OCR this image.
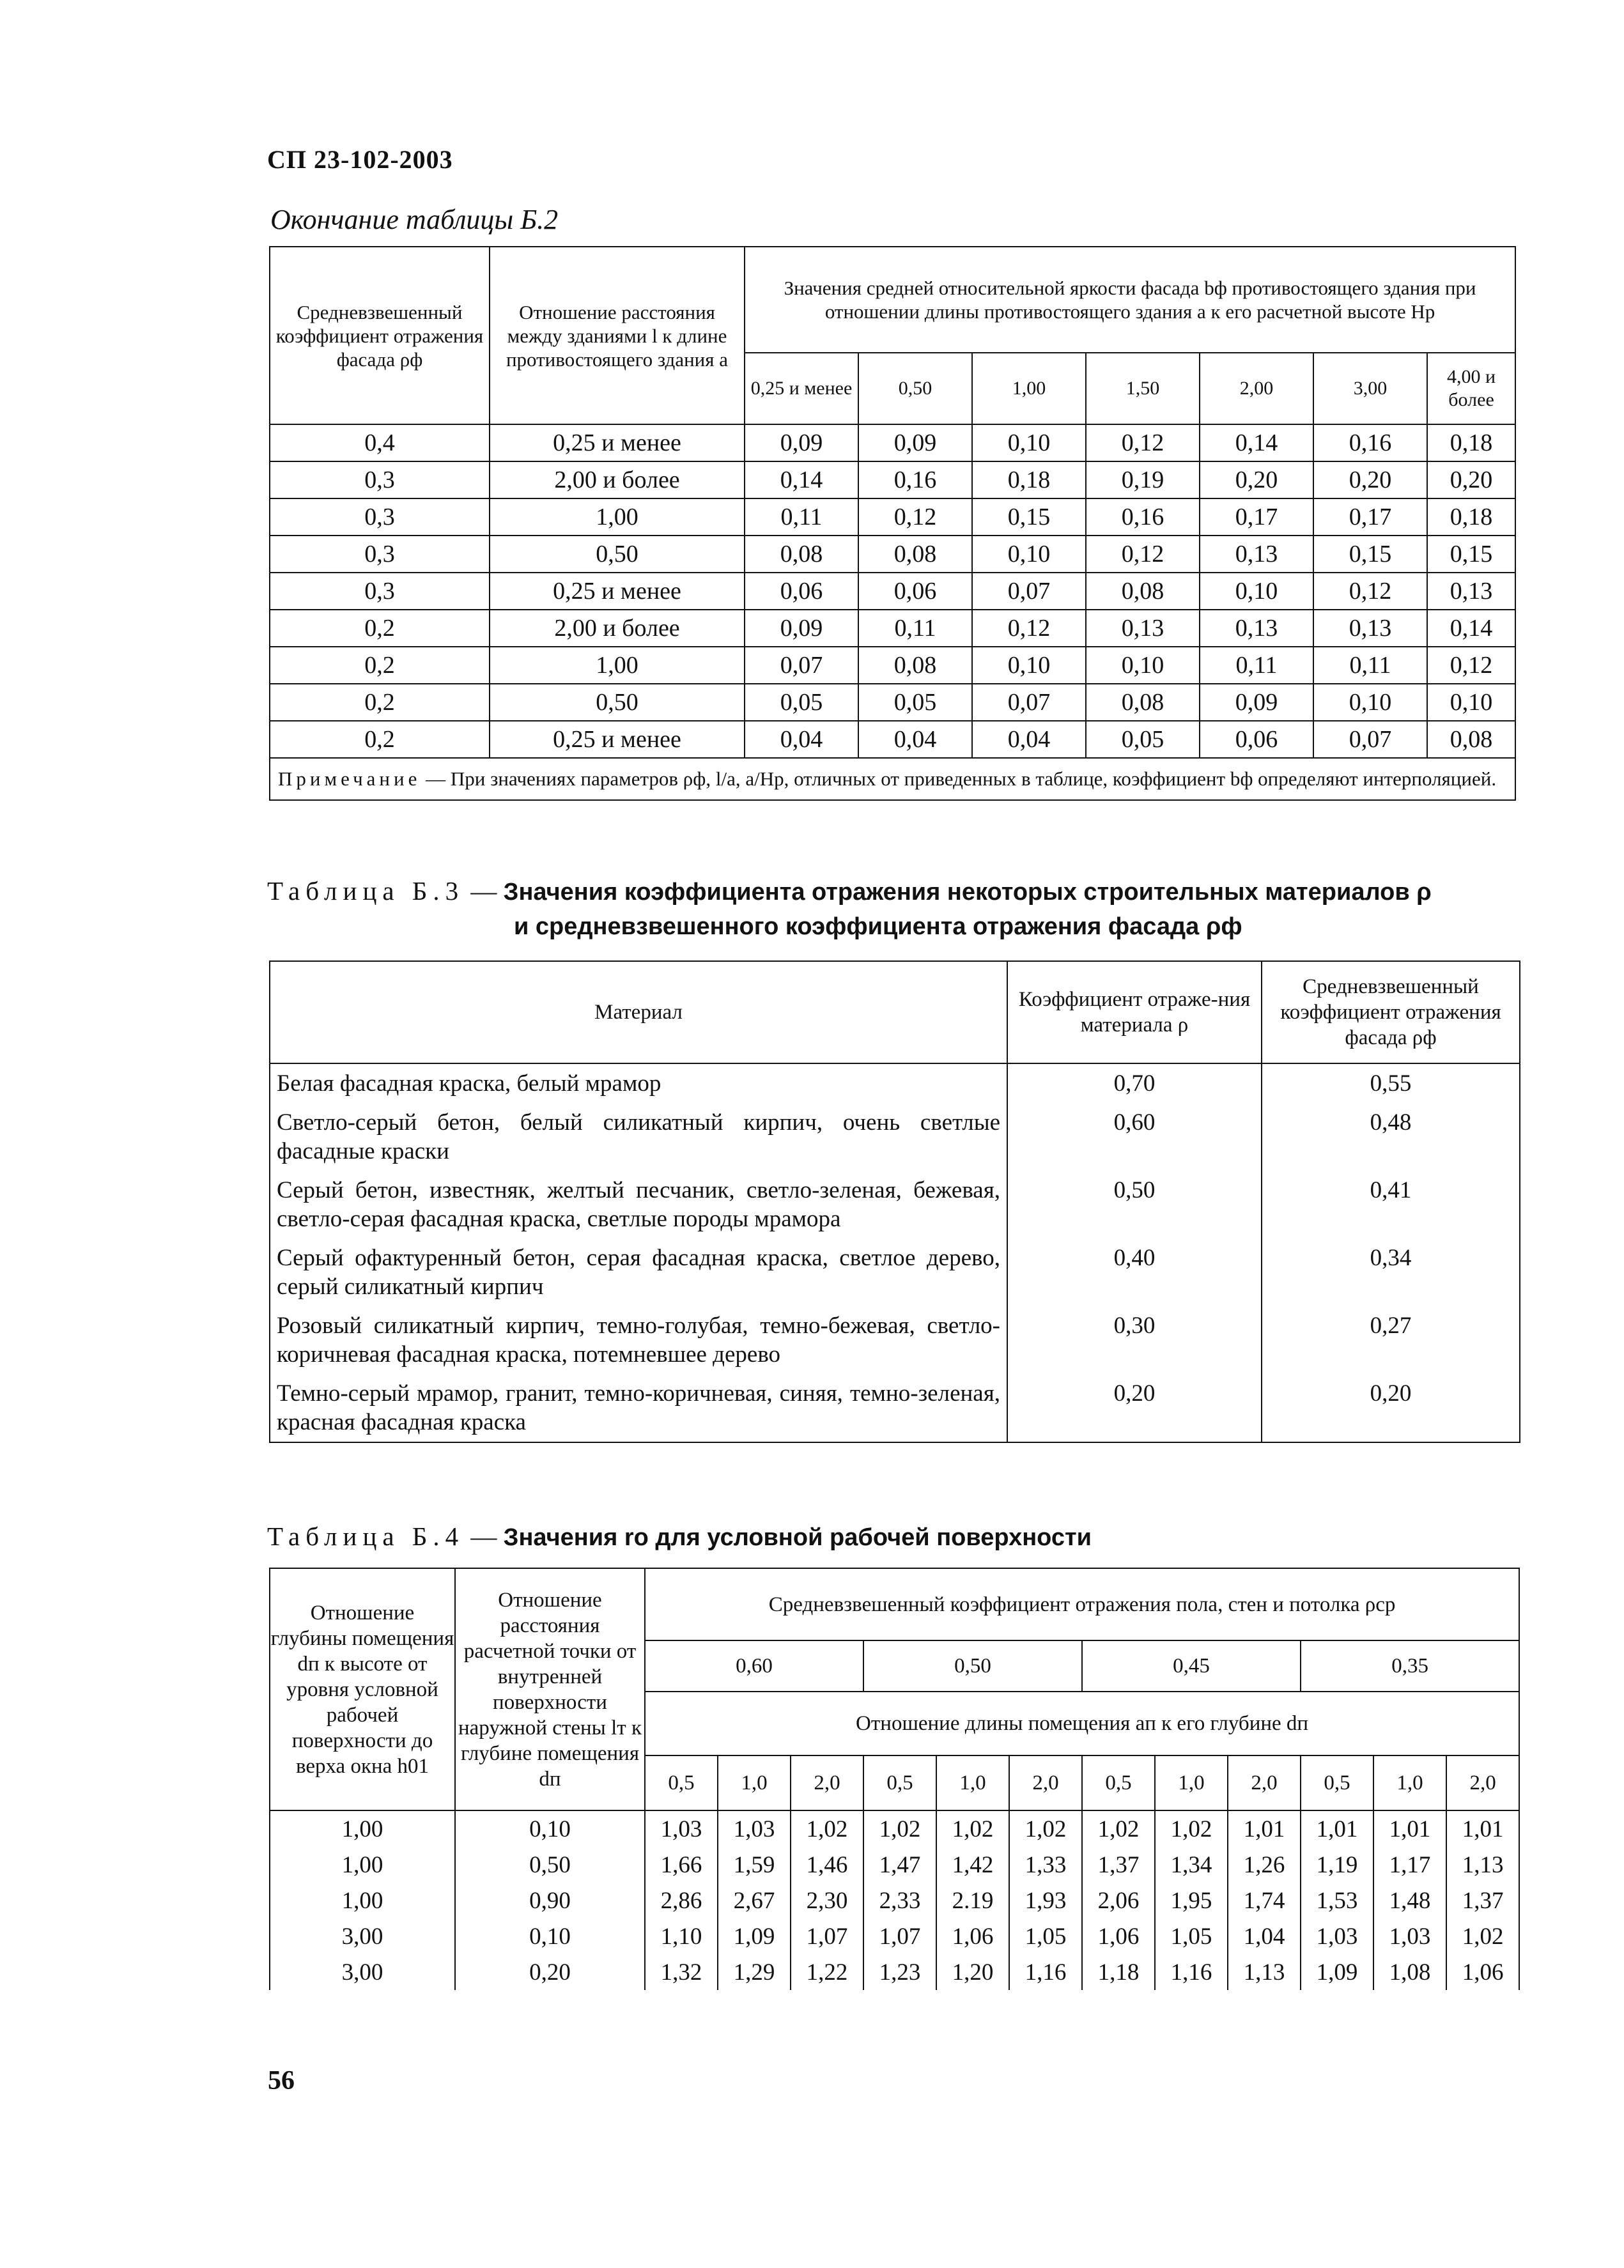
СП 23-102-2003
Окончание таблицы Б.2
Средневзвешенный коэффициент отражения фасада ρф	Отношение расстояния между зданиями l к длине противостоящего здания a	Значения средней относительной яркости фасада bф противостоящего здания при отношении длины противостоящего здания a к его расчетной высоте Hр						
		0,25 и менее	0,50	1,00	1,50	2,00	3,00	4,00 и более
0,4	0,25 и менее	0,09	0,09	0,10	0,12	0,14	0,16	0,18
0,3	2,00 и более	0,14	0,16	0,18	0,19	0,20	0,20	0,20
0,3	1,00	0,11	0,12	0,15	0,16	0,17	0,17	0,18
0,3	0,50	0,08	0,08	0,10	0,12	0,13	0,15	0,15
0,3	0,25 и менее	0,06	0,06	0,07	0,08	0,10	0,12	0,13
0,2	2,00 и более	0,09	0,11	0,12	0,13	0,13	0,13	0,14
0,2	1,00	0,07	0,08	0,10	0,10	0,11	0,11	0,12
0,2	0,50	0,05	0,05	0,07	0,08	0,09	0,10	0,10
0,2	0,25 и менее	0,04	0,04	0,04	0,05	0,06	0,07	0,08
Примечание — При значениях параметров ρф, l/a, a/Hр, отличных от приведенных в таблице, коэффициент bф определяют интерполяцией.								
Таблица Б.3 — Значения коэффициента отражения некоторых строительных материалов ρ
и средневзвешенного коэффициента отражения фасада ρф
Материал	Коэффициент отраже-ния материала ρ	Средневзвешенный коэффициент отражения фасада ρф
Белая фасадная краска, белый мрамор	0,70	0,55
Светло-серый бетон, белый силикатный кирпич, очень светлые фасадные краски	0,60	0,48
Серый бетон, известняк, желтый песчаник, светло-зеленая, бежевая, светло-серая фасадная краска, светлые породы мрамора	0,50	0,41
Серый офактуренный бетон, серая фасадная краска, светлое дерево, серый силикатный кирпич	0,40	0,34
Розовый силикатный кирпич, темно-голубая, темно-бежевая, светло-коричневая фасадная краска, потемневшее дерево	0,30	0,27
Темно-серый мрамор, гранит, темно-коричневая, синяя, темно-зеленая, красная фасадная краска	0,20	0,20
Таблица Б.4 — Значения rо для условной рабочей поверхности
Отношение глубины помещения dп к высоте от уровня условной рабочей поверхности до верха окна h01	Отношение расстояния расчетной точки от внутренней поверхности наружной стены lт к глубине помещения dп	Средневзвешенный коэффициент отражения пола, стен и потолка ρср											
		0,60			0,50			0,45			0,35		
		Отношение длины помещения aп к его глубине dп											
		0,5	1,0	2,0	0,5	1,0	2,0	0,5	1,0	2,0	0,5	1,0	2,0
1,00	0,10	1,03	1,03	1,02	1,02	1,02	1,02	1,02	1,02	1,01	1,01	1,01	1,01
1,00	0,50	1,66	1,59	1,46	1,47	1,42	1,33	1,37	1,34	1,26	1,19	1,17	1,13
1,00	0,90	2,86	2,67	2,30	2,33	2.19	1,93	2,06	1,95	1,74	1,53	1,48	1,37
3,00	0,10	1,10	1,09	1,07	1,07	1,06	1,05	1,06	1,05	1,04	1,03	1,03	1,02
3,00	0,20	1,32	1,29	1,22	1,23	1,20	1,16	1,18	1,16	1,13	1,09	1,08	1,06
56
